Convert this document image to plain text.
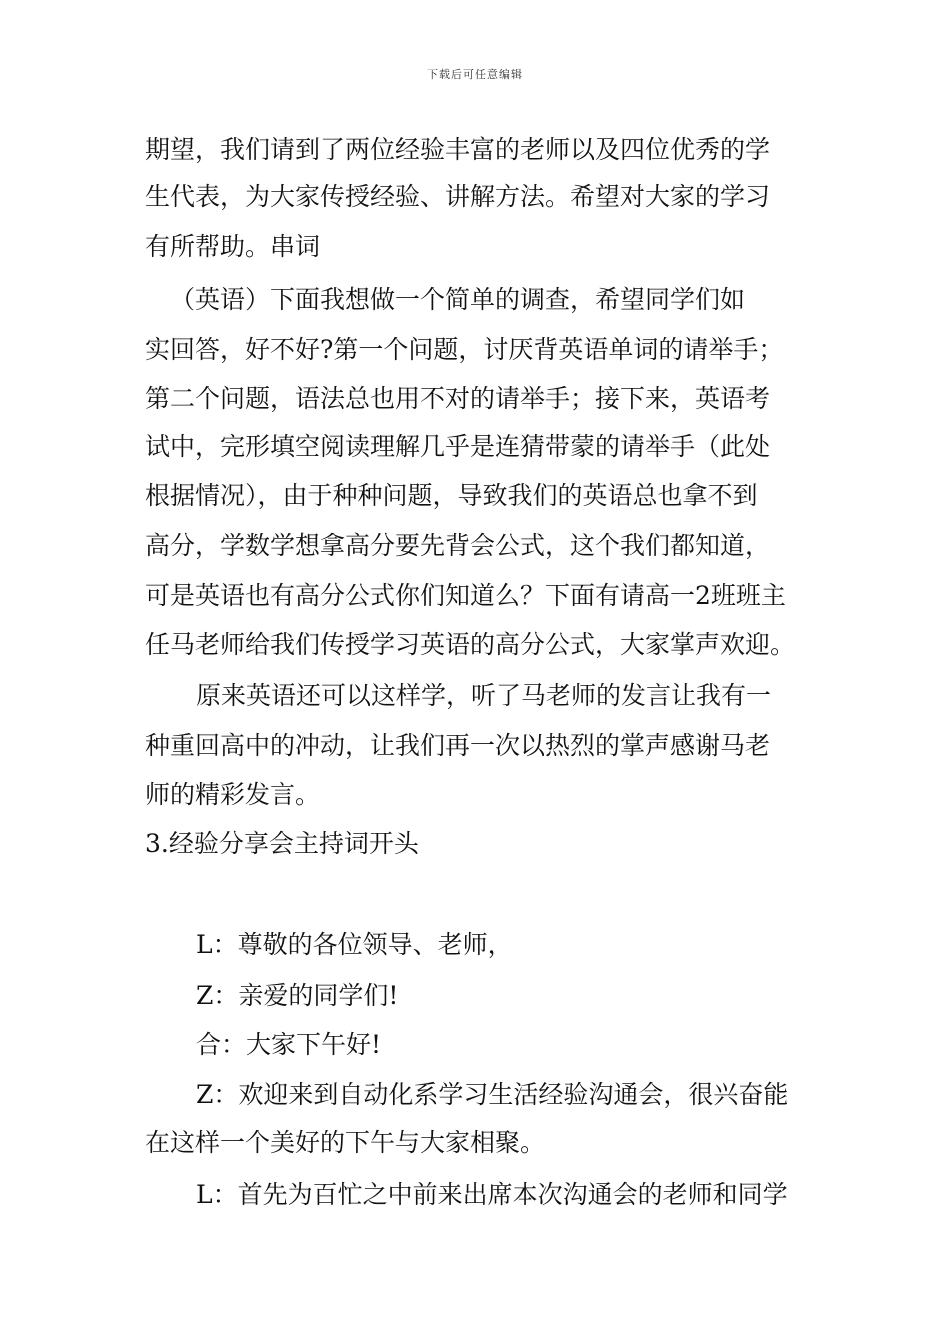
下载后可任意编辑
期望，我们请到了两位经验丰富的老师以及四位优秀的学
生代表，为大家传授经验、讲解方法。希望对大家的学习
有所帮助。串词
（英语）下面我想做一个简单的调查，希望同学们如
实回答，好不好?第一个问题，讨厌背英语单词的请举手；
第二个问题，语法总也用不对的请举手；接下来，英语考
试中，完形填空阅读理解几乎是连猜带蒙的请举手（此处
根据情况），由于种种问题，导致我们的英语总也拿不到
高分，学数学想拿高分要先背会公式，这个我们都知道，
可是英语也有高分公式你们知道么？下面有请高一2班班主
任马老师给我们传授学习英语的高分公式，大家掌声欢迎。
原来英语还可以这样学，听了马老师的发言让我有一
种重回高中的冲动，让我们再一次以热烈的掌声感谢马老
师的精彩发言。
3.经验分享会主持词开头
L：尊敬的各位领导、老师，
Z：亲爱的同学们!
合：大家下午好!
Z：欢迎来到自动化系学习生活经验沟通会，很兴奋能
在这样一个美好的下午与大家相聚。
L：首先为百忙之中前来出席本次沟通会的老师和同学
